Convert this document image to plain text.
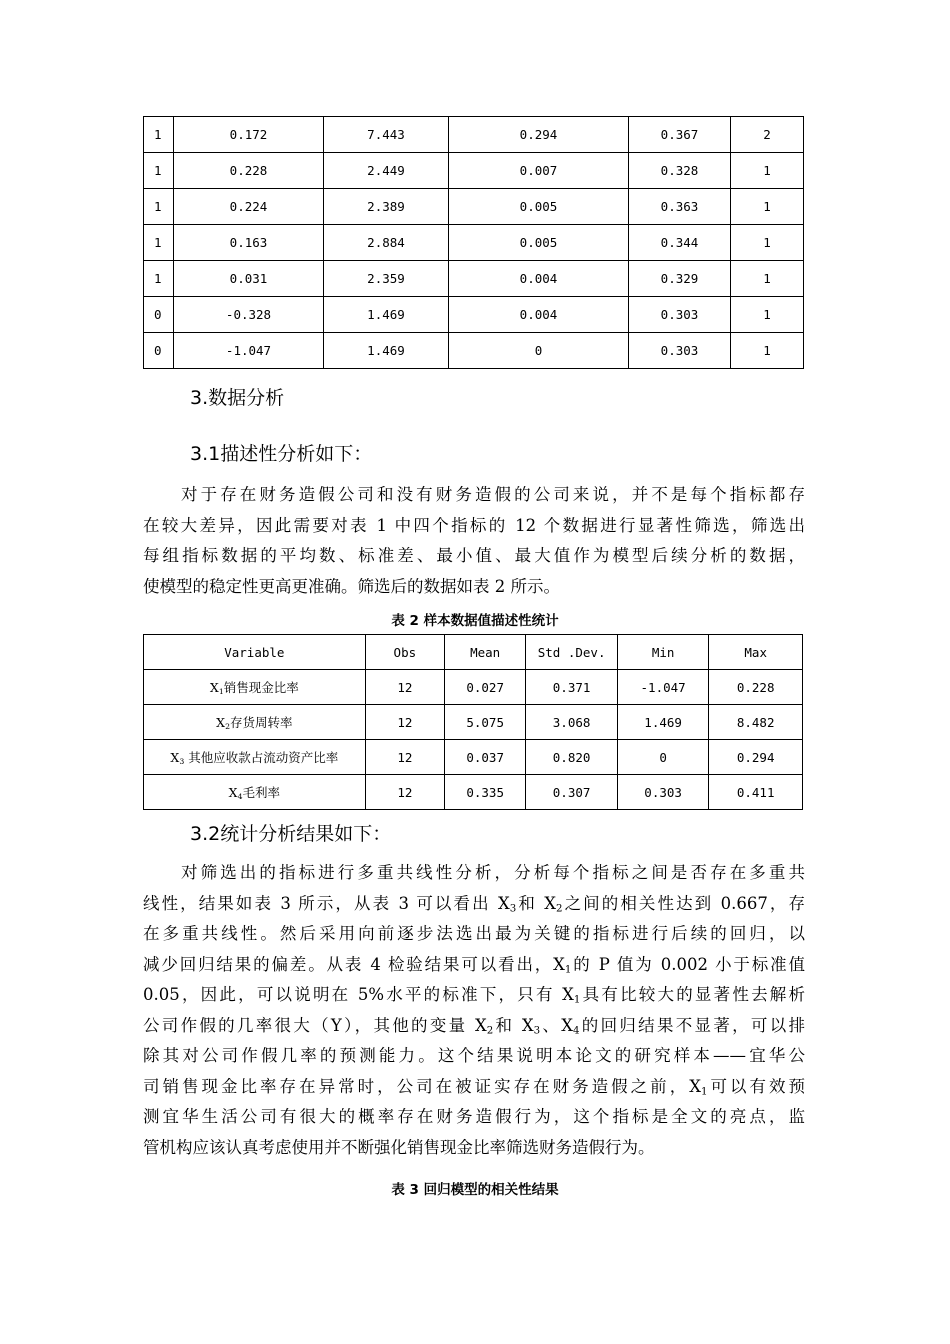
1	0.172	7.443	0.294	0.367	2
1	0.228	2.449	0.007	0.328	1
1	0.224	2.389	0.005	0.363	1
1	0.163	2.884	0.005	0.344	1
1	0.031	2.359	0.004	0.329	1
0	-0.328	1.469	0.004	0.303	1
0	-1.047	1.469	0	0.303	1
3.数据分析
3.1描述性分析如下：
对于存在财务造假公司和没有财务造假的公司来说，并不是每个指标都存
在较大差异，因此需要对表 1 中四个指标的 12 个数据进行显著性筛选，筛选出
每组指标数据的平均数、标准差、最小值、最大值作为模型后续分析的数据，
使模型的稳定性更高更准确。筛选后的数据如表 2 所示。
表 2 样本数据值描述性统计
Variable	Obs	Mean	Std .Dev.	Min	Max
$X_1$销售现金比率	12	0.027	0.371	-1.047	0.228
$X_2$存货周转率	12	5.075	3.068	1.469	8.482
$X_3$ 其他应收款占流动资产比率	12	0.037	0.820	0	0.294
$X_4$毛利率	12	0.335	0.307	0.303	0.411
3.2统计分析结果如下：
对筛选出的指标进行多重共线性分析，分析每个指标之间是否存在多重共
线性，结果如表 3 所示，从表 3 可以看出 $X_3$和 $X_2$之间的相关性达到 0.667，存
在多重共线性。然后采用向前逐步法选出最为关键的指标进行后续的回归，以
减少回归结果的偏差。从表 4 检验结果可以看出，$X_1$的 P 值为 0.002 小于标准值
0.05，因此，可以说明在 5%水平的标准下，只有 $X_1$具有比较大的显著性去解析
公司作假的几率很大（Y），其他的变量 $X_2$和 $X_3$、$X_4$的回归结果不显著，可以排
除其对公司作假几率的预测能力。这个结果说明本论文的研究样本——宜华公
司销售现金比率存在异常时，公司在被证实存在财务造假之前，$X_1$可以有效预
测宜华生活公司有很大的概率存在财务造假行为，这个指标是全文的亮点，监
管机构应该认真考虑使用并不断强化销售现金比率筛选财务造假行为。
表 3 回归模型的相关性结果
